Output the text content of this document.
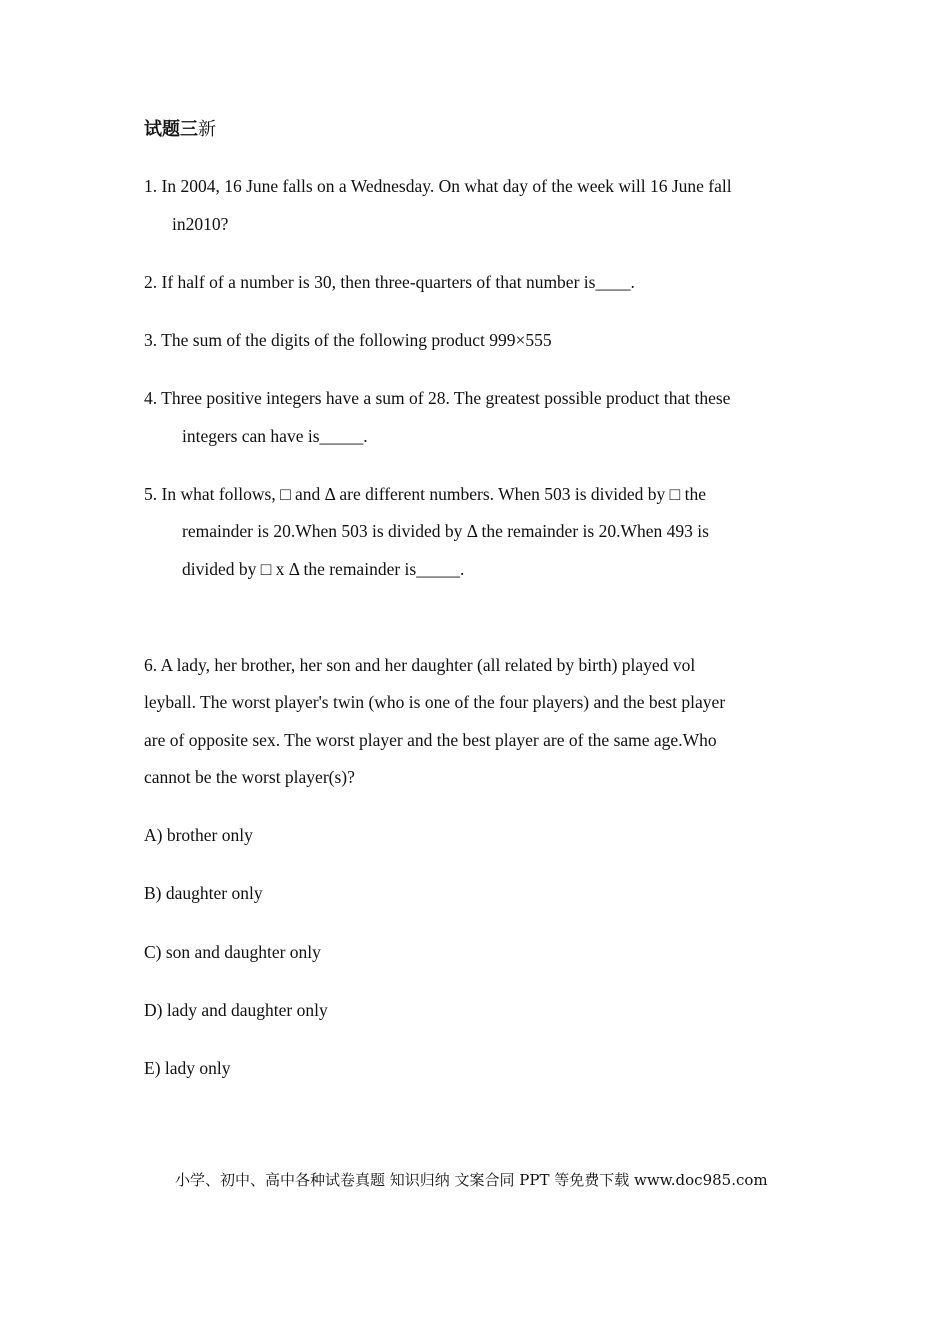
试题三新
1. In 2004, 16 June falls on a Wednesday. On what day of the week will 16 June fall
in2010?
2. If half of a number is 30, then three-quarters of that number is____.
3. The sum of the digits of the following product 999×555
4. Three positive integers have a sum of 28. The greatest possible product that these
integers can have is_____.
5. In what follows, □ and Δ are different numbers. When 503 is divided by □ the
remainder is 20.When 503 is divided by Δ the remainder is 20.When 493 is
divided by □ x Δ the remainder is_____.
6. A lady, her brother, her son and her daughter (all related by birth) played vol
leyball. The worst player's twin (who is one of the four players) and the best player
are of opposite sex. The worst player and the best player are of the same age.Who
cannot be the worst player(s)?
A) brother only
B) daughter only
C) son and daughter only
D) lady and daughter only
E) lady only
小学、初中、高中各种试卷真题 知识归纳 文案合同 PPT 等免费下载 www.doc985.com
